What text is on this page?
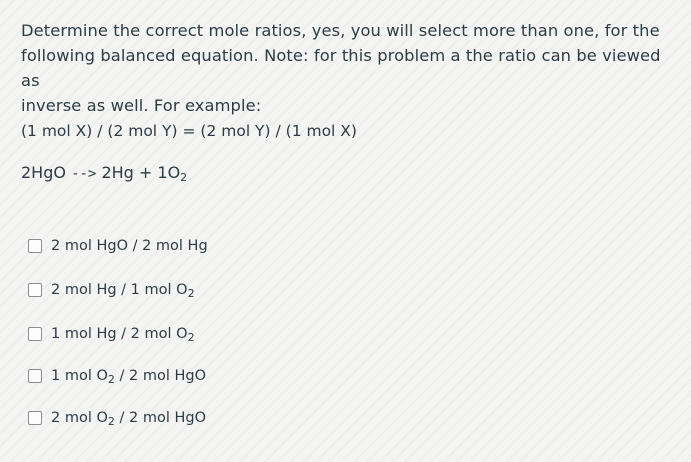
Determine the correct mole ratios, yes, you will select more than one, for the
following balanced equation. Note: for this problem a the ratio can be viewed as
inverse as well. For example:
(1 mol X) / (2 mol Y) = (2 mol Y) / (1 mol X)
2HgO --> $2Hg + 1O_2$
2 mol HgO / 2 mol Hg
2 mol Hg / 1 mol $O_2$
1 mol Hg / 2 mol $O_2$
1 mol $O_2 / 2$ mol HgO
2 mol $O_2 / 2$ mol HgO
